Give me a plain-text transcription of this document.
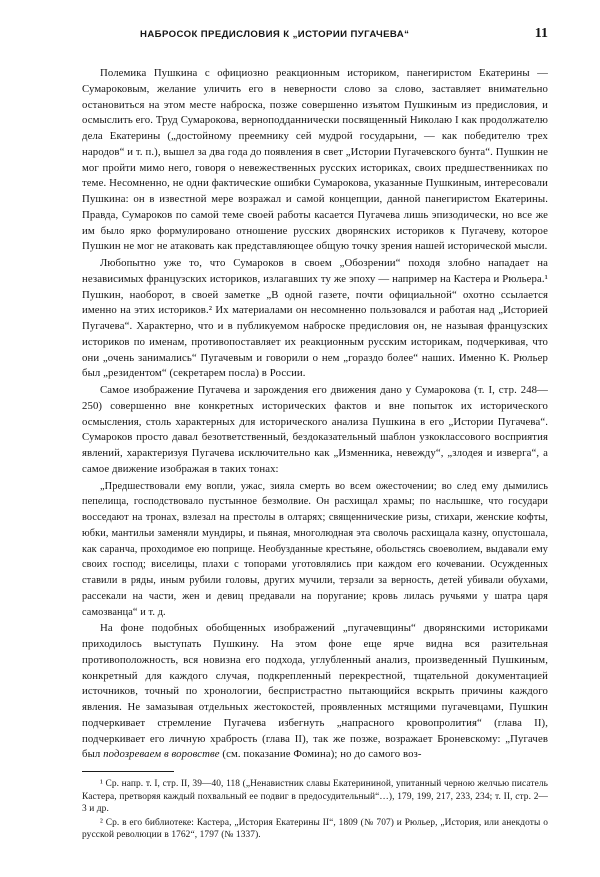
НАБРОСОК ПРЕДИСЛОВИЯ К „ИСТОРИИ ПУГАЧЕВА“	11

Полемика Пушкина с официозно реакционным историком, панегиристом Екатерины — Сумароковым, желание уличить его в неверности слово за слово, заставляет внимательно остановиться на этом месте наброска, позже совершенно изъятом Пушкиным из предисловия, и осмыслить его. Труд Сумарокова, верноподданнически посвященный Николаю I как продолжателю дела Екатерины („достойному преемнику сей мудрой государыни, — как победителю трех народов“ и т. п.), вышел за два года до появления в свет „Истории Пугачевского бунта“. Пушкин не мог пройти мимо него, говоря о невежественных русских историках, своих предшественниках по теме. Несомненно, не одни фактические ошибки Сумарокова, указанные Пушкиным, интересовали Пушкина: он в известной мере возражал и самой концепции, данной панегиристом Екатерины. Правда, Сумароков по самой теме своей работы касается Пугачева лишь эпизодически, но все же им было ярко формулировано отношение русских дворянских историков к Пугачеву, которое Пушкин не мог не атаковать как представляющее общую точку зрения нашей исторической мысли.

Любопытно уже то, что Сумароков в своем „Обозрении“ походя злобно нападает на независимых французских историков, излагавших ту же эпоху — например на Кастера и Рюльера.¹ Пушкин, наоборот, в своей заметке „В одной газете, почти официальной“ охотно ссылается именно на этих историков.² Их материалами он несомненно пользовался и работая над „Историей Пугачева“. Характерно, что и в публикуемом наброске предисловия он, не называя французских историков по именам, противопоставляет их реакционным русским историкам, подчеркивая, что они „очень занимались“ Пугачевым и говорили о нем „гораздо более“ наших. Именно К. Рюльер был „резидентом“ (секретарем посла) в России.

Самое изображение Пугачева и зарождения его движения дано у Сумарокова (т. I, стр. 248—250) совершенно вне конкретных исторических фактов и вне попыток их исторического осмысления, столь характерных для исторического анализа Пушкина в его „Истории Пугачева“. Сумароков просто давал безответственный, бездоказательный шаблон узкоклассового восприятия явлений, характеризуя Пугачева исключительно как „Изменника, невежду“, „злодея и изверга“, а самое движение изображая в таких тонах:

„Предшествовали ему вопли, ужас, зияла смерть во всем ожесточении; во след ему дымились пепелища, господствовало пустынное безмолвие. Он расхищал храмы; по наслышке, что государи восседают на тронах, взлезал на престолы в олтарях; священнические ризы, стихари, женские кофты, юбки, мантильи заменяли мундиры, и пьяная, многолюдная эта сволочь расхищала казну, опустошала, как саранча, проходимое ею поприще. Необузданные крестьяне, обольстясь своеволием, выдавали ему своих господ; виселицы, плахи с топорами уготовлялись при каждом его кочевании. Осужденных ставили в ряды, иным рубили головы, других мучили, терзали за верность, детей убивали обухами, рассекали на части, жен и девиц предавали на поругание; кровь лилась ручьями у шатра царя самозванца“ и т. д.

На фоне подобных обобщенных изображений „пугачевщины“ дворянскими историками приходилось выступать Пушкину. На этом фоне еще ярче видна вся разительная противоположность, вся новизна его подхода, углубленный анализ, произведенный Пушкиным, конкретный для каждого случая, подкрепленный перекрестной, тщательной документацией источников, точный по хронологии, беспристрастно пытающийся вскрыть причины каждого явления. Не замазывая отдельных жестокостей, проявленных мстящими пугачевцами, Пушкин подчеркивает стремление Пугачева избегнуть „напрасного кровопролития“ (глава II), подчеркивает его личную храбрость (глава II), так же позже, возражает Броневскому: „Пугачев был подозреваем в воровстве (см. показание Фомина); но до самого воз-

¹ Ср. напр. т. I, стр. II, 39—40, 118 („Ненавистник славы Екатерининой, упитанный черною желчью писатель Кастера, претворяя каждый похвальный ее подвиг в предосудительный“…), 179, 199, 217, 233, 234; т. II, стр. 2—3 и др.

² Ср. в его библиотеке: Кастера, „История Екатерины II“, 1809 (№ 707) и Рюльер, „История, или анекдоты о русской революции в 1762“, 1797 (№ 1337).
